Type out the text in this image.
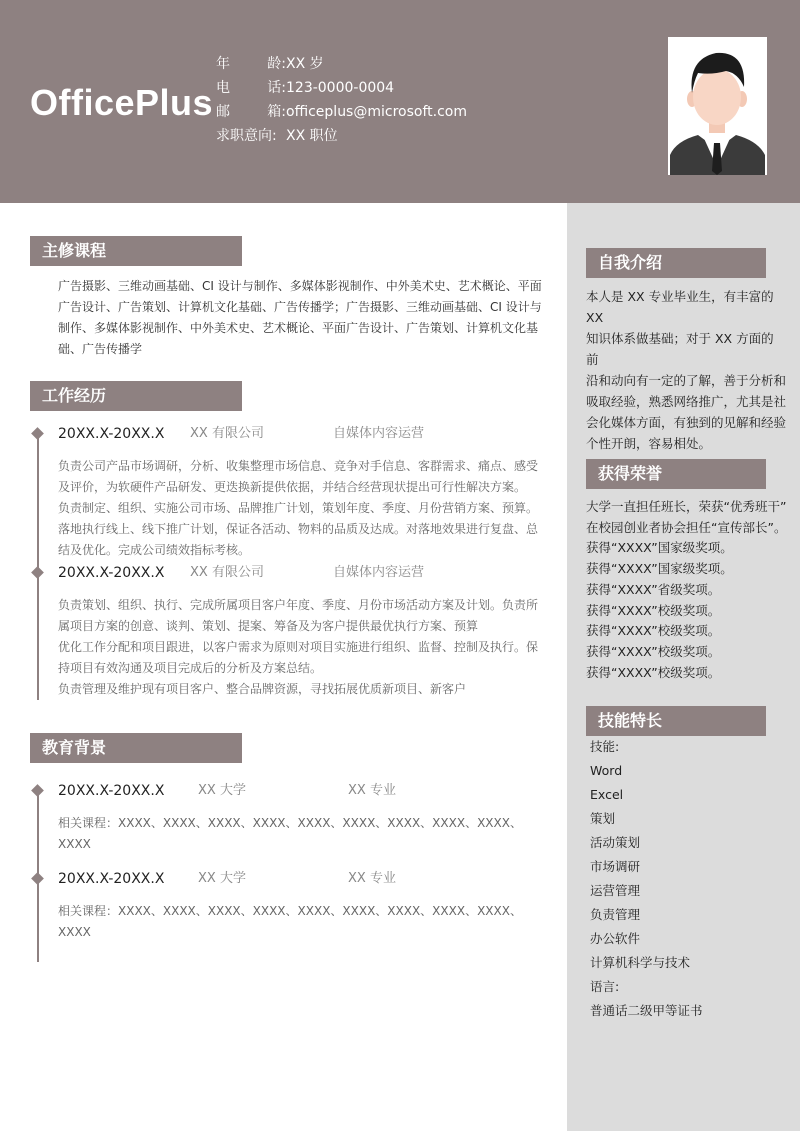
OfficePlus
年	龄: XX 岁
电	话: 123-0000-0004
邮	箱: officeplus@microsoft.com
求职意向: XX 职位
主修课程
广告摄影、三维动画基础、CI 设计与制作、多媒体影视制作、中外美术史、艺术概论、平面
广告设计、广告策划、计算机文化基础、广告传播学；广告摄影、三维动画基础、CI 设计与
制作、多媒体影视制作、中外美术史、艺术概论、平面广告设计、广告策划、计算机文化基
础、广告传播学
工作经历
20XX.X-20XX.X XX 有限公司	自媒体内容运营

负责公司产品市场调研，分析、收集整理市场信息、竞争对手信息、客群需求、痛点、感受

及评价，为软硬件产品研发、更迭换新提供依据，并结合经营现状提出可行性解决方案。

负责制定、组织、实施公司市场、品牌推广计划，策划年度、季度、月份营销方案、预算。

落地执行线上、线下推广计划，保证各活动、物料的品质及达成。对落地效果进行复盘、总

结及优化。完成公司绩效指标考核。

20XX.X-20XX.X XX 有限公司	自媒体内容运营

负责策划、组织、执行、完成所属项目客户年度、季度、月份市场活动方案及计划。负责所

属项目方案的创意、谈判、策划、提案、筹备及为客户提供最优执行方案、预算

优化工作分配和项目跟进，以客户需求为原则对项目实施进行组织、监督、控制及执行。保

持项目有效沟通及项目完成后的分析及方案总结。

负责管理及维护现有项目客户、整合品牌资源，寻找拓展优质新项目、新客户

教育背景
20XX.X-20XX.X	XX 大学	XX 专业
相关课程：XXXX、XXXX、XXXX、XXXX、XXXX、XXXX、XXXX、XXXX、XXXX、XXXX
20XX.X-20XX.X	XX 大学	XX 专业
相关课程：XXXX、XXXX、XXXX、XXXX、XXXX、XXXX、XXXX、XXXX、XXXX、XXXX
自我介绍
本人是 XX 专业毕业生，有丰富的 XX
知识体系做基础；对于 XX 方面的前
沿和动向有一定的了解，善于分析和
吸取经验，熟悉网络推广，尤其是社
会化媒体方面，有独到的见解和经验
个性开朗，容易相处。
获得荣誉
大学一直担任班长，荣获“优秀班干”
在校园创业者协会担任“宣传部长”。
获得“XXXX”国家级奖项。
获得“XXXX”国家级奖项。
获得“XXXX”省级奖项。
获得“XXXX”校级奖项。
获得“XXXX”校级奖项。
获得“XXXX”校级奖项。
获得“XXXX”校级奖项。
技能特长
技能:
Word
Excel
策划
活动策划
市场调研
运营管理
负责管理
办公软件
计算机科学与技术
语言:
普通话二级甲等证书
